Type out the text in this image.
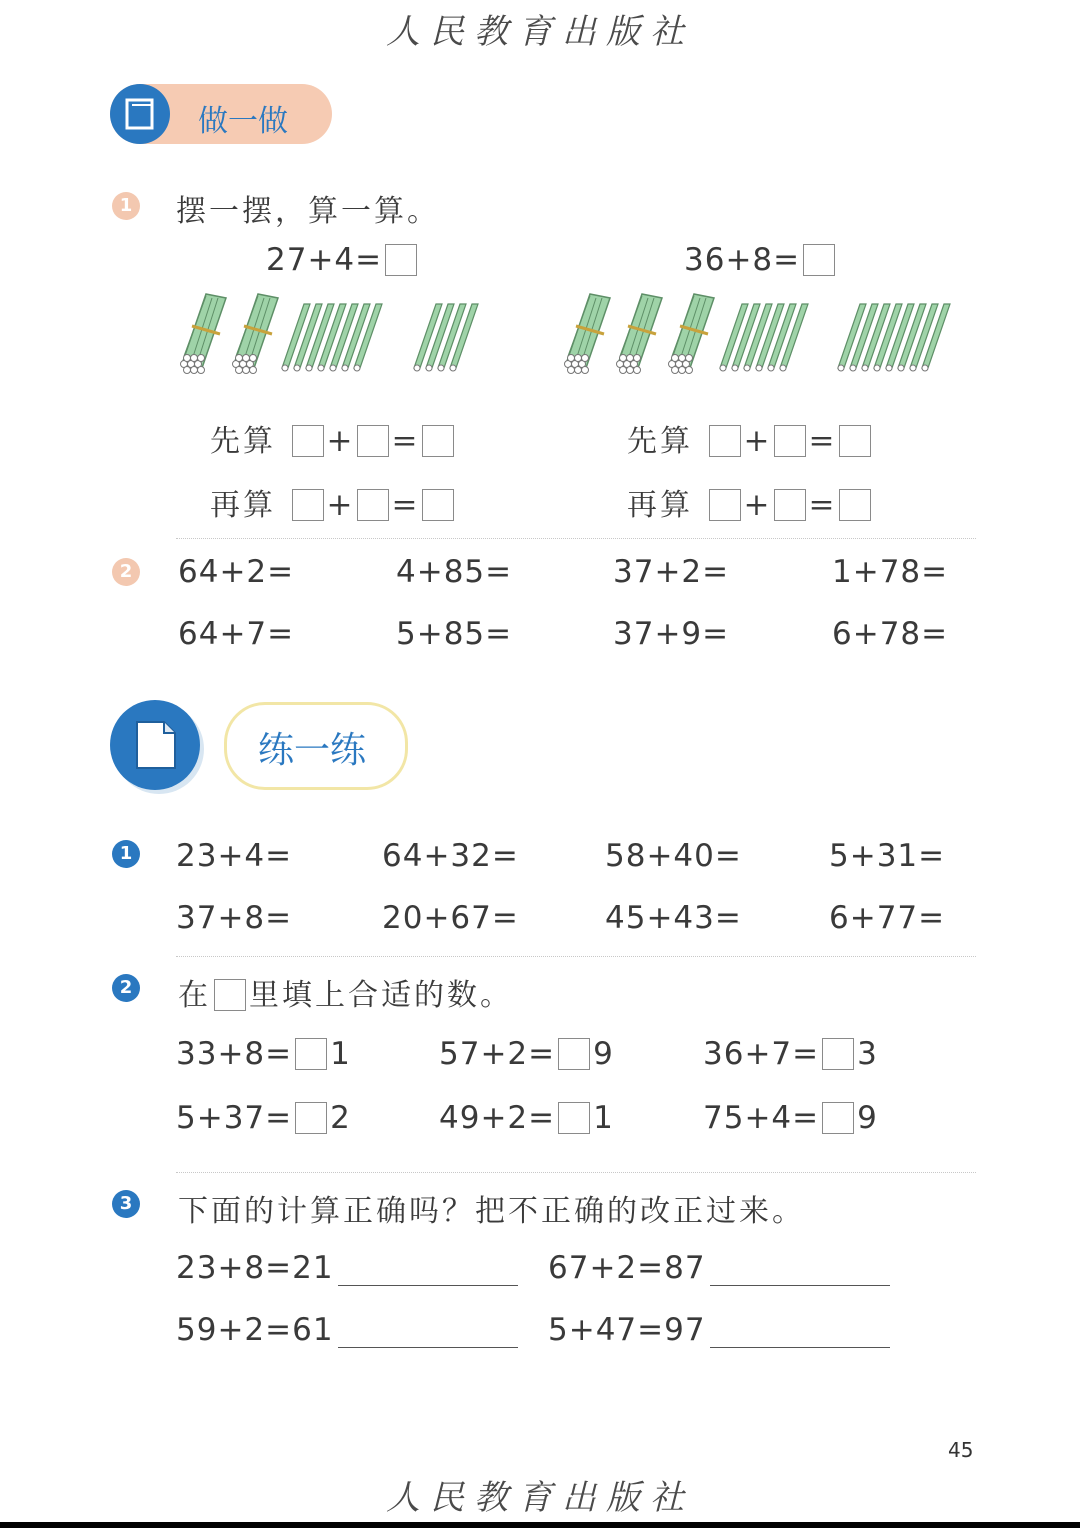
人民教育出版社
做一做
1 摆一摆，算一算。
27+4=	36+8=
先算 + =
再算 + =
先算 + =
再算 + =
2 64+2=	4+85=	37+2=	1+78=
64+7=	5+85=	37+9=	6+78=
练一练
1 23+4=	64+32=	58+40=	5+31=
37+8=	20+67=	45+43=	6+77=
2 在 里填上合适的数。
33+8= 1	57+2= 9	36+7= 3
5+37= 2	49+2= 1	75+4= 9
3 下面的计算正确吗？把不正确的改正过来。
23+8=21	67+2=87
59+2=61	5+47=97
45
人民教育出版社
